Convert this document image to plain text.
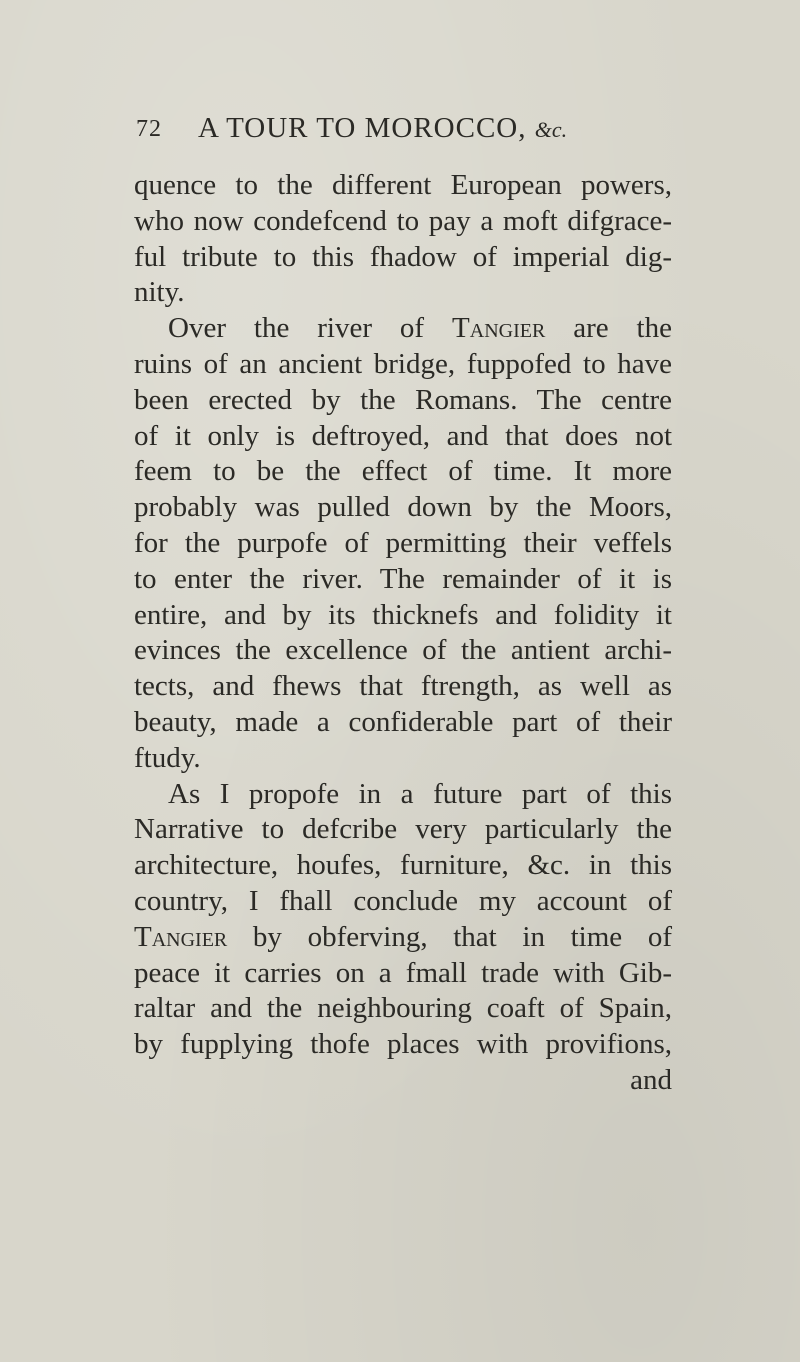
72 A TOUR TO MOROCCO, &c.
quence to the different European powers,
who now condefcend to pay a moft difgrace-
ful tribute to this fhadow of imperial dig-
nity.
Over the river of Tangier are the
ruins of an ancient bridge, fuppofed to have
been erected by the Romans. The centre
of it only is deftroyed, and that does not
feem to be the effect of time. It more
probably was pulled down by the Moors,
for the purpofe of permitting their veffels
to enter the river. The remainder of it is
entire, and by its thicknefs and folidity it
evinces the excellence of the antient archi-
tects, and fhews that ftrength, as well as
beauty, made a confiderable part of their
ftudy.
As I propofe in a future part of this
Narrative to defcribe very particularly the
architecture, houfes, furniture, &c. in this
country, I fhall conclude my account of
Tangier by obferving, that in time of
peace it carries on a fmall trade with Gib-
raltar and the neighbouring coaft of Spain,
by fupplying thofe places with provifions,
and
